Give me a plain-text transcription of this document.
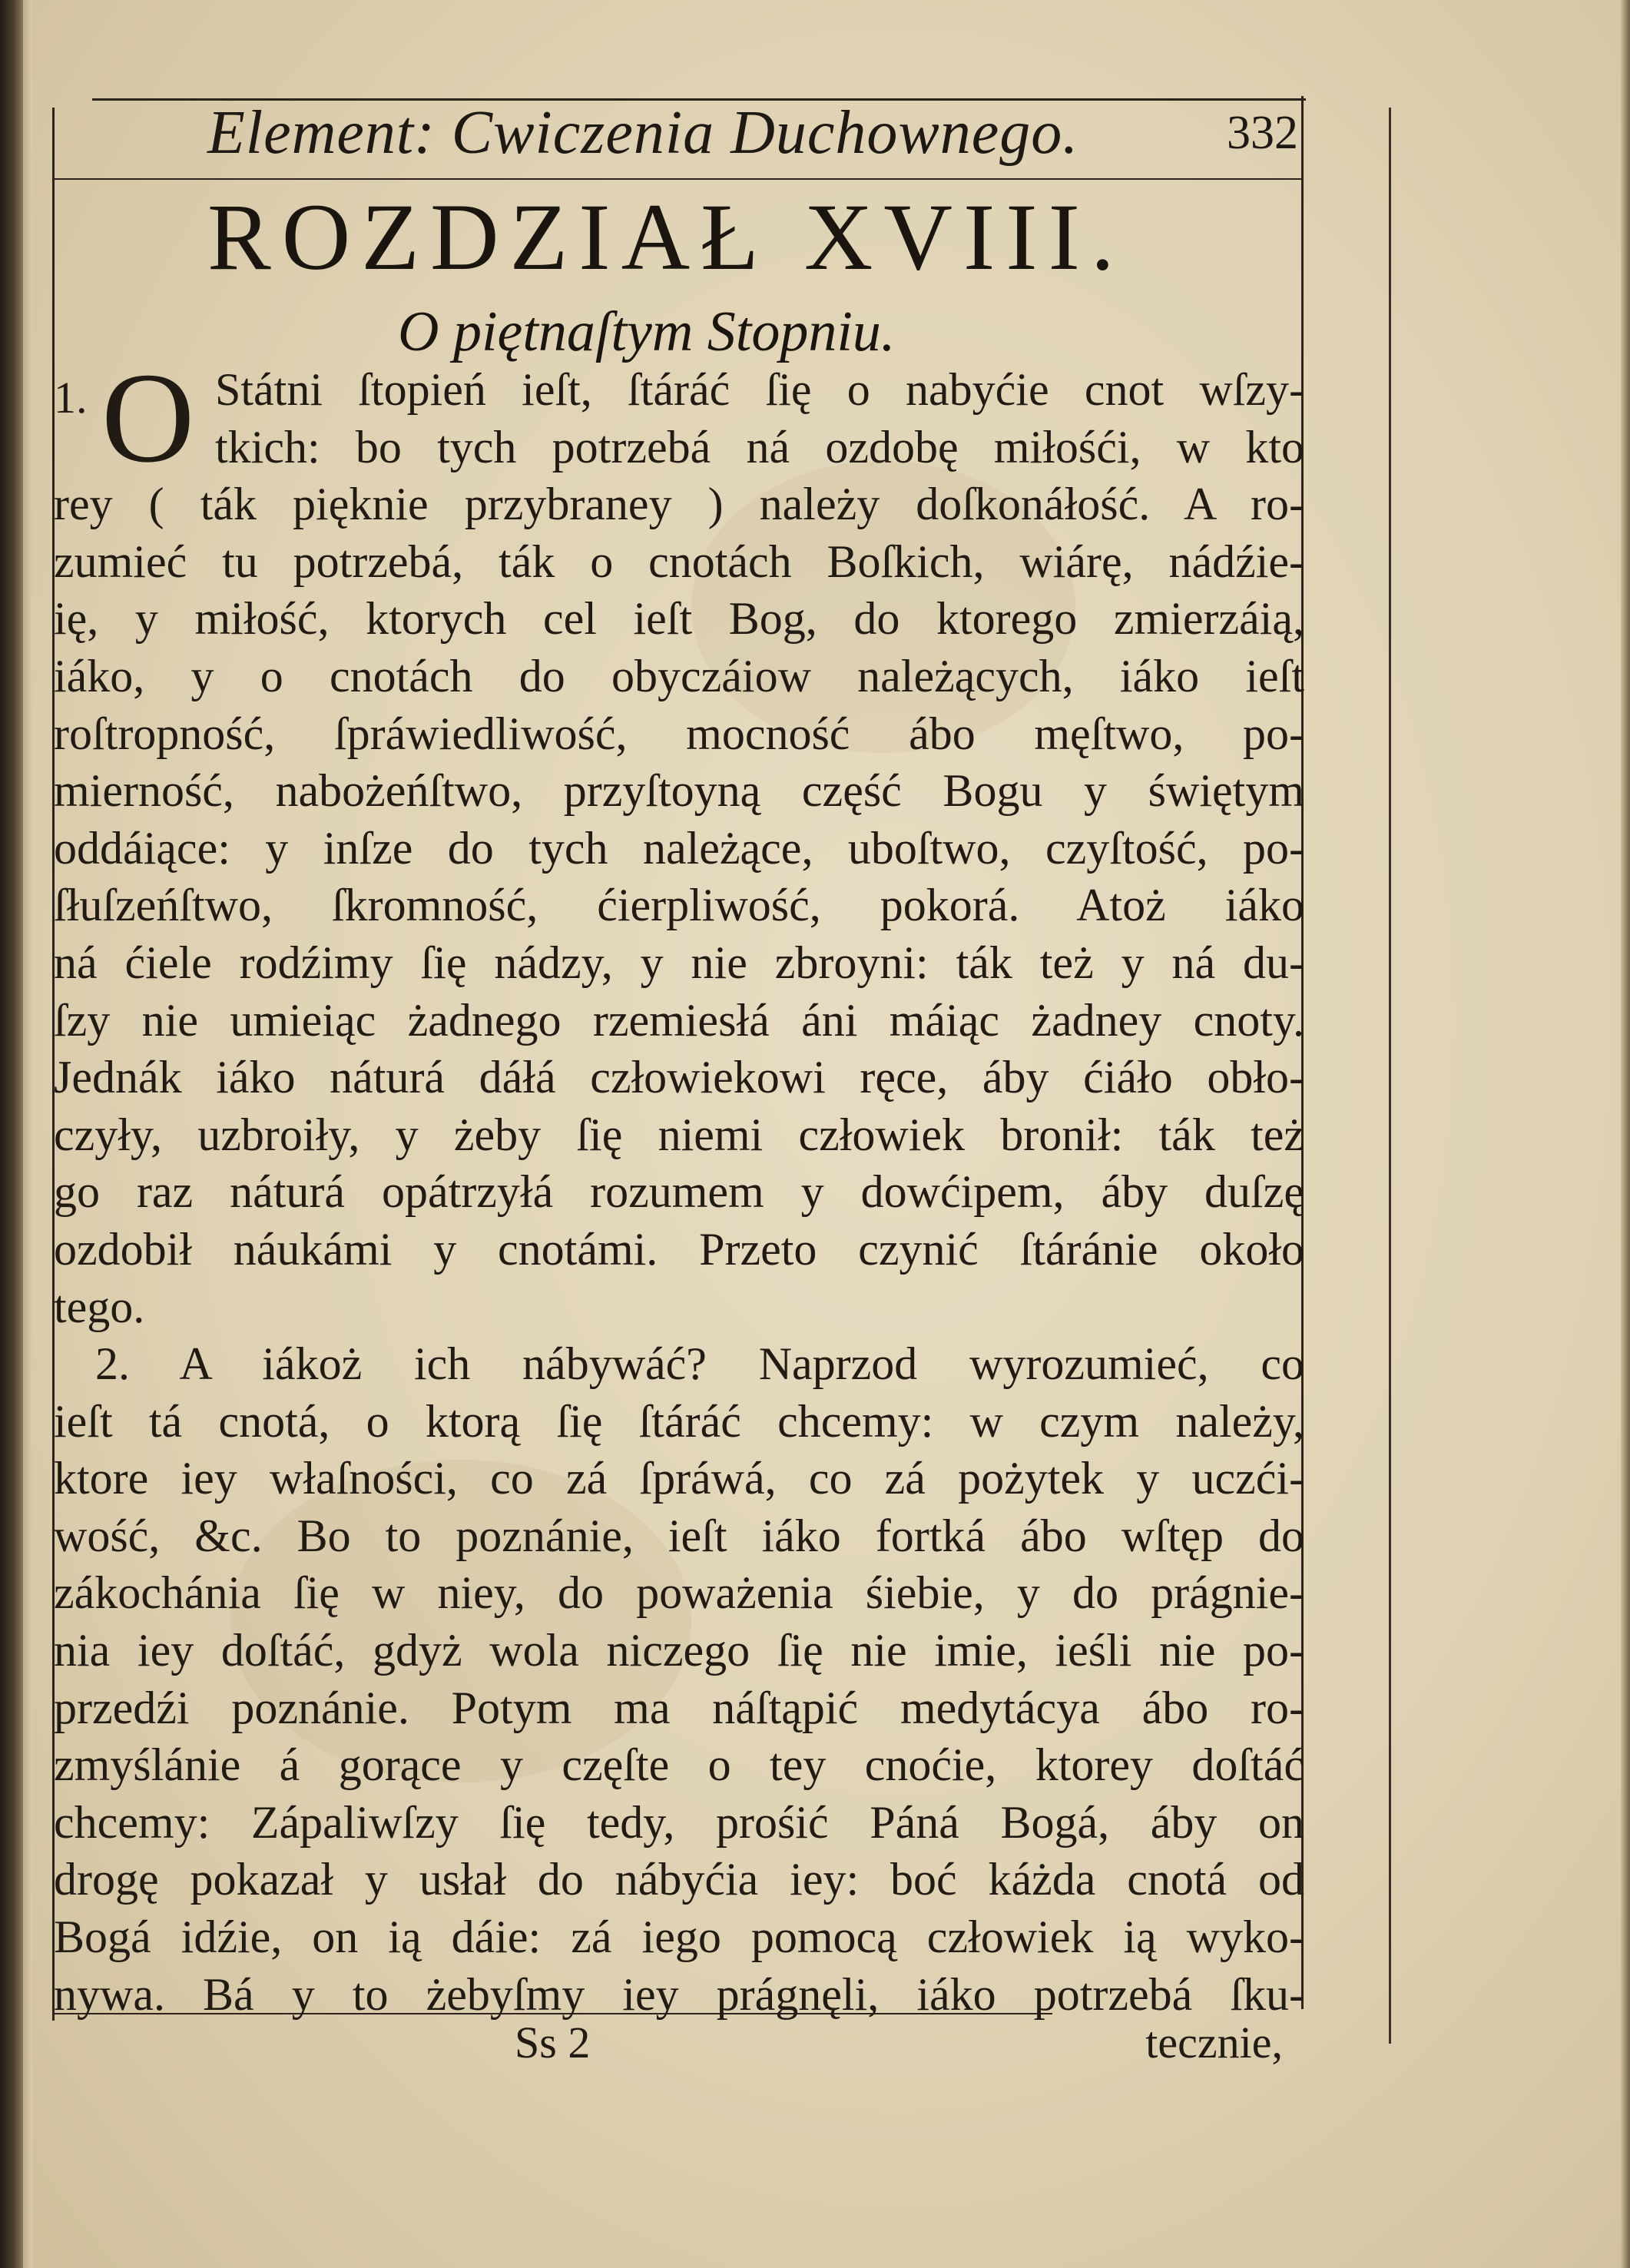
Element: Cwiczenia Duchownego.	332
ROZDZIAŁ XVIII.
O piętnaſtym Stopniu.
1. O Státni ſtopień ieſt, ſtáráć ſię o nabyćie cnot wſzy-
tkich: bo tych potrzebá ná ozdobę miłośći, w kto
rey ( ták pięknie przybraney ) należy doſkonáłość. A ro-
zumieć tu potrzebá, ták o cnotách Boſkich, wiárę, nádźie-
ię, y miłość, ktorych cel ieſt Bog, do ktorego zmierzáią,
iáko, y o cnotách do obyczáiow należących, iáko ieſt
roſtropność, ſpráwiedliwość, mocność ábo męſtwo, po-
mierność, nabożeńſtwo, przyſtoyną część Bogu y świętym
oddáiące: y inſze do tych należące, uboſtwo, czyſtość, po-
ſłuſzeńſtwo, ſkromność, ćierpliwość, pokorá. Atoż iáko
ná ćiele rodźimy ſię nádzy, y nie zbroyni: ták też y ná du-
ſzy nie umieiąc żadnego rzemiesłá áni máiąc żadney cnoty.
Jednák iáko náturá dáłá człowiekowi ręce, áby ćiáło obło-
czyły, uzbroiły, y żeby ſię niemi człowiek bronił: ták też
go raz náturá opátrzyłá rozumem y dowćipem, áby duſzę
ozdobił náukámi y cnotámi. Przeto czynić ſtáránie około
tego.
2. A iákoż ich nábywáć? Naprzod wyrozumieć, co
ieſt tá cnotá, o ktorą ſię ſtáráć chcemy: w czym należy,
ktore iey właſności, co zá ſpráwá, co zá pożytek y uczći-
wość, &c. Bo to poznánie, ieſt iáko fortká ábo wſtęp do
zákochánia ſię w niey, do poważenia śiebie, y do prágnie-
nia iey doſtáć, gdyż wola niczego ſię nie imie, ieśli nie po-
przedźi poznánie. Potym ma náſtąpić medytácya ábo ro-
zmyślánie á gorące y częſte o tey cnoćie, ktorey doſtáć
chcemy: Zápaliwſzy ſię tedy, prośić Páná Bogá, áby on
drogę pokazał y usłał do nábyćia iey: boć káżda cnotá od
Bogá idźie, on ią dáie: zá iego pomocą człowiek ią wyko-
nywa. Bá y to żebyſmy iey prágnęli, iáko potrzebá ſku-
Ss 2	tecznie,
